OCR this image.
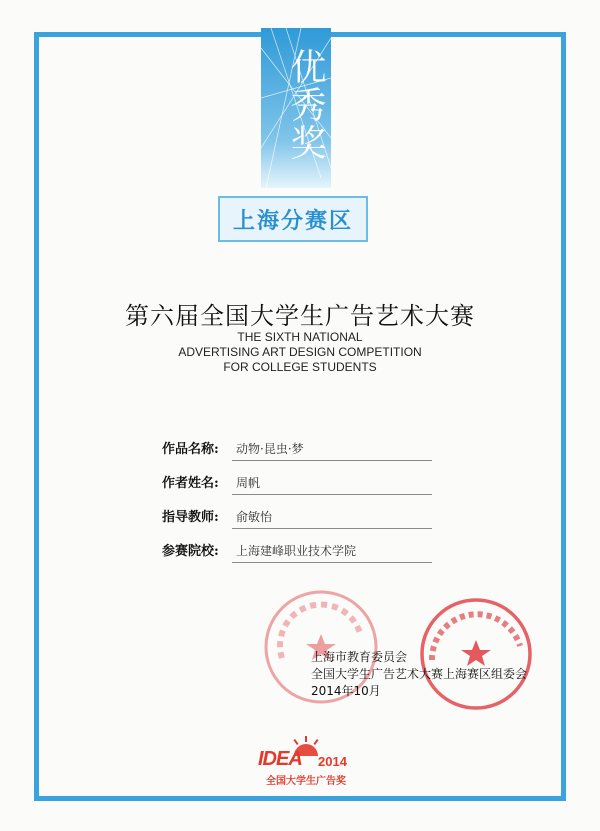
优秀奖
上海分赛区
第六届全国大学生广告艺术大赛
THE SIXTH NATIONAL
ADVERTISING ART DESIGN COMPETITION
FOR COLLEGE STUDENTS
作品名称: 动物·昆虫·梦
作者姓名: 周帆
指导教师: 俞敏怡
参赛院校: 上海建峰职业技术学院
上海市教育委员会
全国大学生广告艺术大赛上海赛区组委会
2014年10月
IDEA 2014
全国大学生广告奖
